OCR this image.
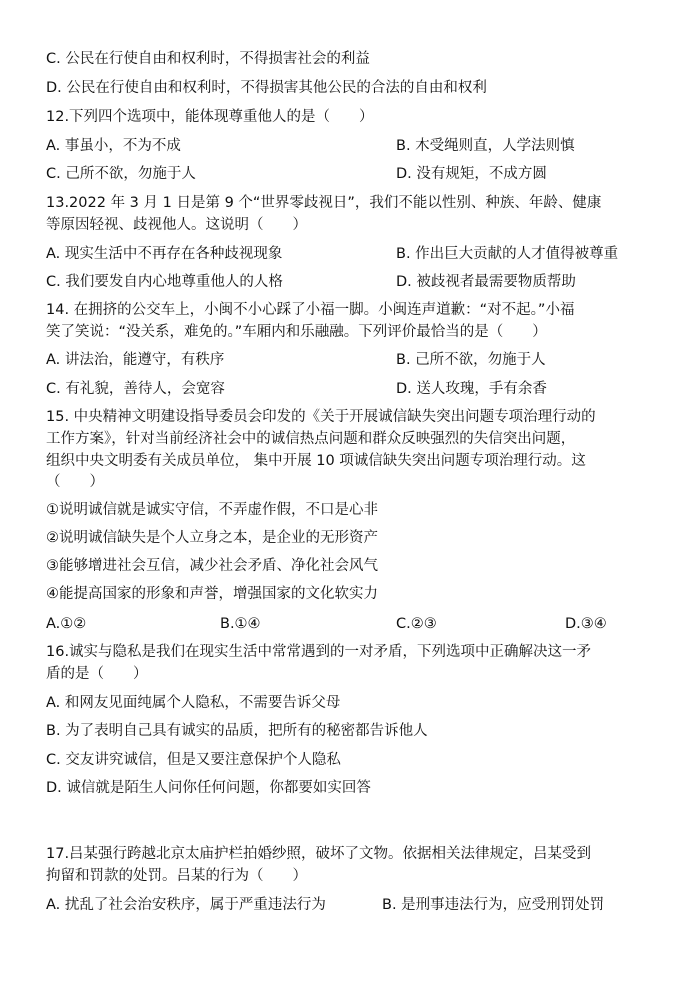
C. 公民在行使自由和权利时，不得损害社会的利益
D. 公民在行使自由和权利时，不得损害其他公民的合法的自由和权利
12.下列四个选项中，能体现尊重他人的是（　　）
A. 事虽小，不为不成	B. 木受绳则直，人学法则慎
C. 己所不欲，勿施于人	D. 没有规矩，不成方圆
13.2022 年 3 月 1 日是第 9 个“世界零歧视日”，我们不能以性别、种族、年龄、健康
等原因轻视、歧视他人。这说明（　　）
A. 现实生活中不再存在各种歧视现象	B. 作出巨大贡献的人才值得被尊重
C. 我们要发自内心地尊重他人的人格	D. 被歧视者最需要物质帮助
14. 在拥挤的公交车上，小闽不小心踩了小福一脚。小闽连声道歉：“对不起。”小福
笑了笑说：“没关系，难免的。”车厢内和乐融融。下列评价最恰当的是（　　）
A. 讲法治，能遵守，有秩序	B. 己所不欲，勿施于人
C. 有礼貌，善待人，会宽容	D. 送人玫瑰，手有余香
15. 中央精神文明建设指导委员会印发的《关于开展诚信缺失突出问题专项治理行动的
工作方案》，针对当前经济社会中的诚信热点问题和群众反映强烈的失信突出问题，
组织中央文明委有关成员单位， 集中开展 10 项诚信缺失突出问题专项治理行动。这
（　　）
①说明诚信就是诚实守信，不弄虚作假，不口是心非
②说明诚信缺失是个人立身之本，是企业的无形资产
③能够增进社会互信，减少社会矛盾、净化社会风气
④能提高国家的形象和声誉，增强国家的文化软实力
A.①②	B.①④	C.②③	D.③④
16.诚实与隐私是我们在现实生活中常常遇到的一对矛盾，下列选项中正确解决这一矛
盾的是（　　）
A. 和网友见面纯属个人隐私，不需要告诉父母
B. 为了表明自己具有诚实的品质，把所有的秘密都告诉他人
C. 交友讲究诚信，但是又要注意保护个人隐私
D. 诚信就是陌生人问你任何问题，你都要如实回答
17.吕某强行跨越北京太庙护栏拍婚纱照，破坏了文物。依据相关法律规定，吕某受到
拘留和罚款的处罚。吕某的行为（　　）
A. 扰乱了社会治安秩序，属于严重违法行为	B. 是刑事违法行为，应受刑罚处罚
